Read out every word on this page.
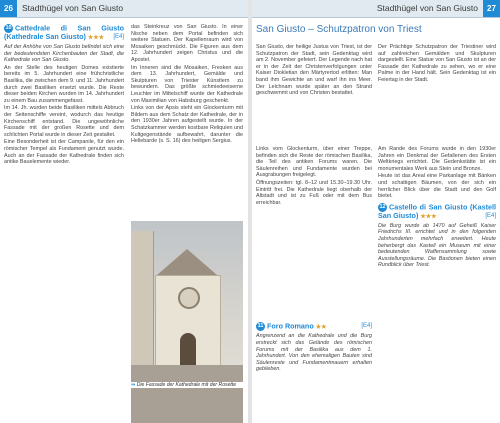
26	Stadthügel von San Giusto
10 Cattedrale di San Giusto (Kathedrale San Giusto) ★★★ [E4]

Auf der Anhöhe von San Giusto befindet sich eine der bedeutendsten Kirchenbauten der Stadt, die Kathedrale von San Giusto.

An der Stelle des heutigen Domes existierte bereits im 5. Jahrhundert eine frühchristliche Basilika, die zwischen dem 9. und 11. Jahrhundert durch zwei Basiliken ersetzt wurde. Die Reste dieser beiden Kirchen wurden im 14. Jahrhundert zu einem Bau zusammengefasst.

Im 14. Jh. wurden beide Basiliken mittels Abbruch der Seitenschiffe vereint, wodurch das heutige Kirchenschiff entstand. Die ungewöhnliche Fassade mit der großen Rosette und dem schlichten Portal wurde in dieser Zeit gestaltet.

Eine Besonderheit ist der Campanile, für den ein römischer Tempel als Fundament genutzt wurde. Auch an der Fassade der Kathedrale finden sich antike Bauelemente wieder.

das Steinkreuz von San Giusto. In einer Nische neben dem Portal befinden sich weitere Statuen. Der Kapellenraum wird von Mosaiken geschmückt. Die Figuren aus dem 12. Jahrhundert zeigen Christus und die Apostel.

Im Inneren sind die Mosaiken, Fresken aus dem 13. Jahrhundert, Gemälde und Skulpturen von Triester Künstlern zu bewundern. Das größte schmiedeeiserne Leuchter im Mittelschiff wurde der Kathedrale von Maximilian von Habsburg geschenkt.

Links von der Apsis steht ein Glockenturm mit Bildern aus dem Schatz der Kathedrale, der in den 1930er Jahren aufgestellt wurde. In der Schatzkammer werden kostbare Reliquien und Kultgegenstände aufbewahrt, darunter die Hellebarde (s. S. 16) des heiligen Sergius.

⇒ Die Fassade der Kathedrale mit der Rosette
Stadthügel von San Giusto	27
San Giusto – Schutzpatron von Triest

San Giusto, der heilige Justus von Triest, ist der Schutzpatron der Stadt, sein Gedenktag wird am 2. November gefeiert. Der Legende nach hat er in der Zeit der Christenverfolgungen unter Kaiser Diokletian den Märtyrertod erlitten: Man band ihm Gewichte an und warf ihn ins Meer. Der Leichnam wurde später an den Strand geschwemmt und von Christen bestattet.

Der Prächtige Schutzpatron der Triestiner wird auf zahlreichen Gemälden und Skulpturen dargestellt. Eine Statue von San Giusto ist an der Fassade der Kathedrale zu sehen, wo er eine Palme in der Hand hält. Sein Gedenktag ist ein Feiertag in der Stadt.

Links vom Glockenturm, über einer Treppe, befinden sich die Reste der römischen Basilika, die Teil des antiken Forums waren. Die Säulenreihen und Fundamente wurden bei Ausgrabungen freigelegt.

Öffnungszeiten: tgl. 8–12 und 15.30–19.30 Uhr. Eintritt frei. Die Kathedrale liegt oberhalb der Altstadt und ist zu Fuß oder mit dem Bus erreichbar.

11 Foro Romano ★★	[E4]

Angrenzend an die Kathedrale und die Burg erstreckt sich das Gelände des römischen Forums mit der Basilika aus dem 1. Jahrhundert. Von den ehemaligen Bauten sind Säulenreste und Fundamentmauern erhalten geblieben.

Am Rande des Forums wurde in den 1930er Jahren ein Denkmal der Gefallenen des Ersten Weltkriegs errichtet. Die Gedenkstätte ist ein monumentales Werk aus Stein und Bronze.

Heute ist das Areal eine Parkanlage mit Bänken und schattigen Bäumen, von der sich ein herrlicher Blick über die Stadt und den Golf bietet.

12 Castello di San Giusto (Kastell San Giusto) ★★★	[E4]

Die Burg wurde ab 1470 auf Geheiß Kaiser Friedrichs III. errichtet und in den folgenden Jahrhunderten mehrfach erweitert. Heute beherbergt das Kastell ein Museum mit einer bedeutenden Waffensammlung sowie Ausstellungsräume. Die Bastionen bieten einen Rundblick über Triest.
